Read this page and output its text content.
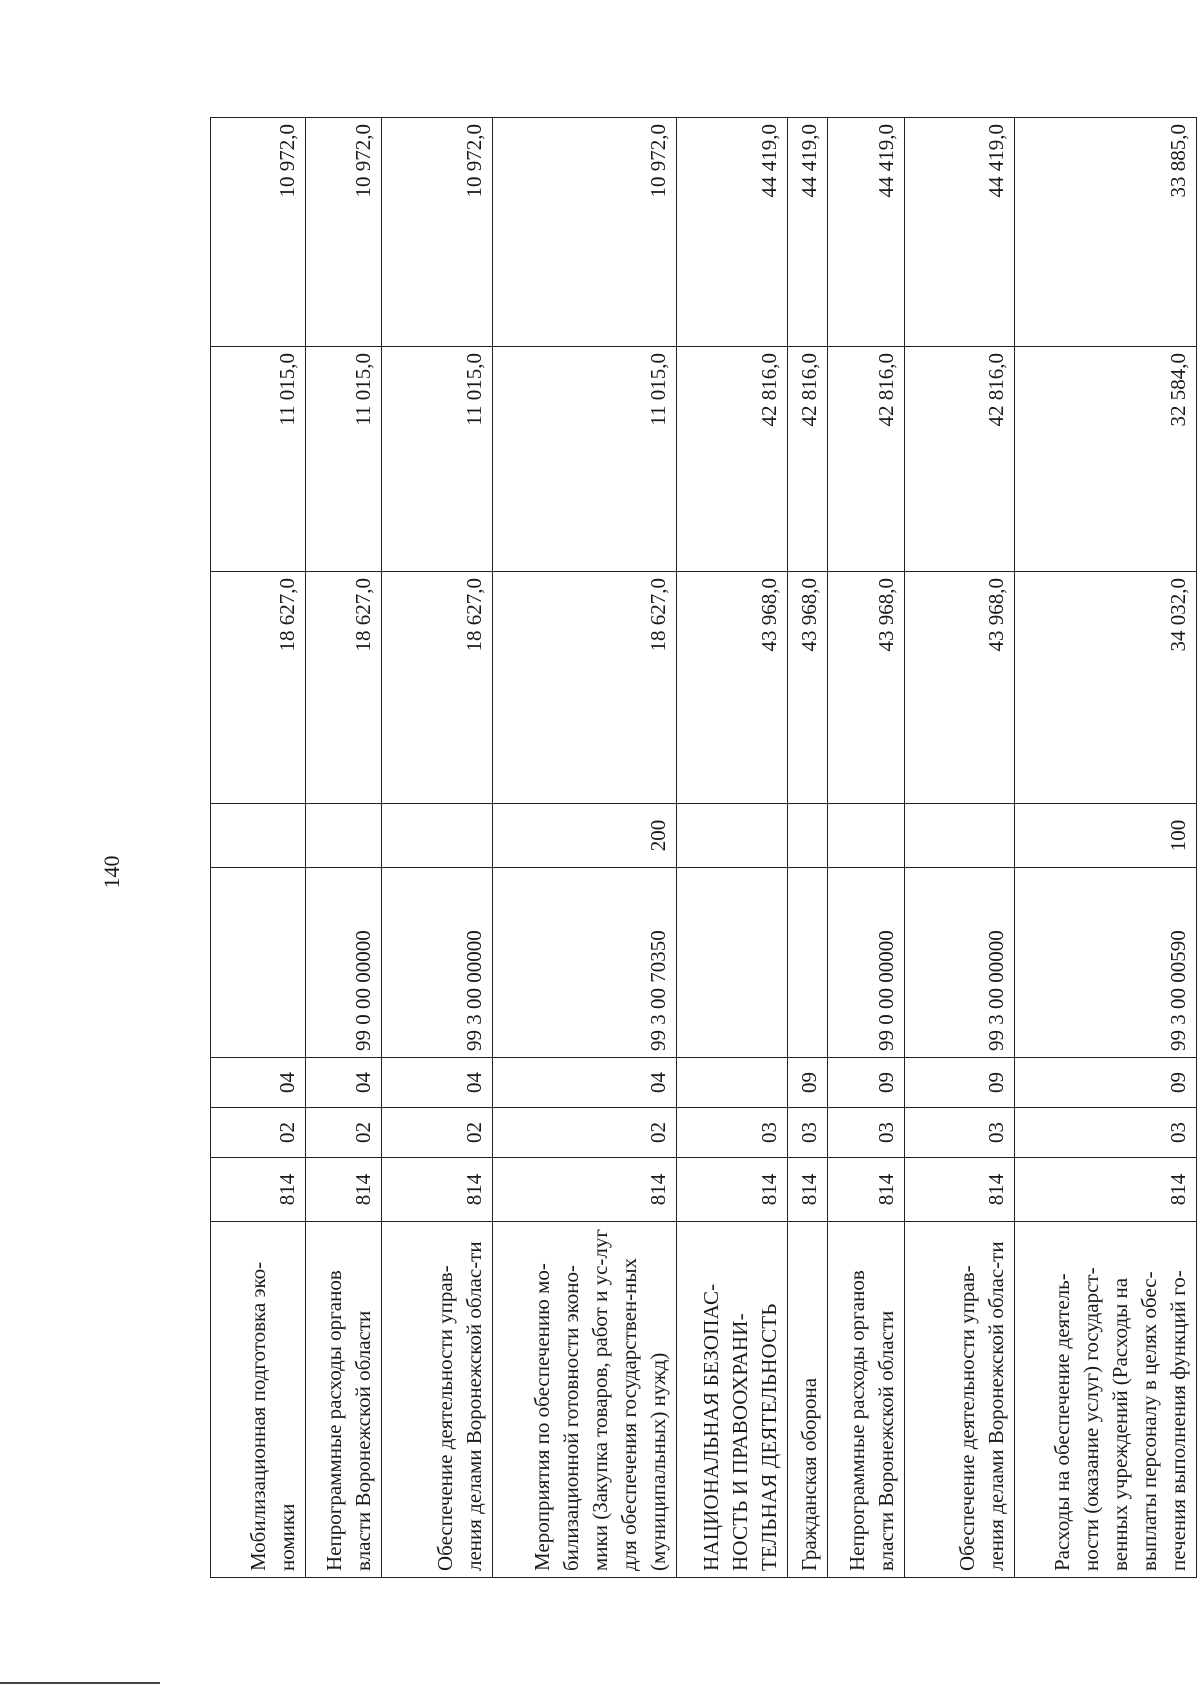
140
Мобилизационная подготовка эко-номики	814	02	04			18 627,0	11 015,0	10 972,0
Непрограммные расходы органов власти Воронежской области	814	02	04	99 0 00 00000		18 627,0	11 015,0	10 972,0
Обеспечение деятельности управ-ления делами Воронежской облас-ти	814	02	04	99 3 00 00000		18 627,0	11 015,0	10 972,0
Мероприятия по обеспечению мо-билизационной готовности эконо-мики (Закупка товаров, работ и ус-луг для обеспечения государствен-ных (муниципальных) нужд)	814	02	04	99 3 00 70350	200	18 627,0	11 015,0	10 972,0
НАЦИОНАЛЬНАЯ БЕЗОПАС-НОСТЬ И ПРАВООХРАНИ-ТЕЛЬНАЯ ДЕЯТЕЛЬНОСТЬ	814	03				43 968,0	42 816,0	44 419,0
Гражданская оборона	814	03	09			43 968,0	42 816,0	44 419,0
Непрограммные расходы органов власти Воронежской области	814	03	09	99 0 00 00000		43 968,0	42 816,0	44 419,0
Обеспечение деятельности управ-ления делами Воронежской облас-ти	814	03	09	99 3 00 00000		43 968,0	42 816,0	44 419,0
Расходы на обеспечение деятель-ности (оказание услуг) государст-венных учреждений (Расходы на выплаты персоналу в целях обес-печения выполнения функций го-	814	03	09	99 3 00 00590	100	34 032,0	32 584,0	33 885,0
